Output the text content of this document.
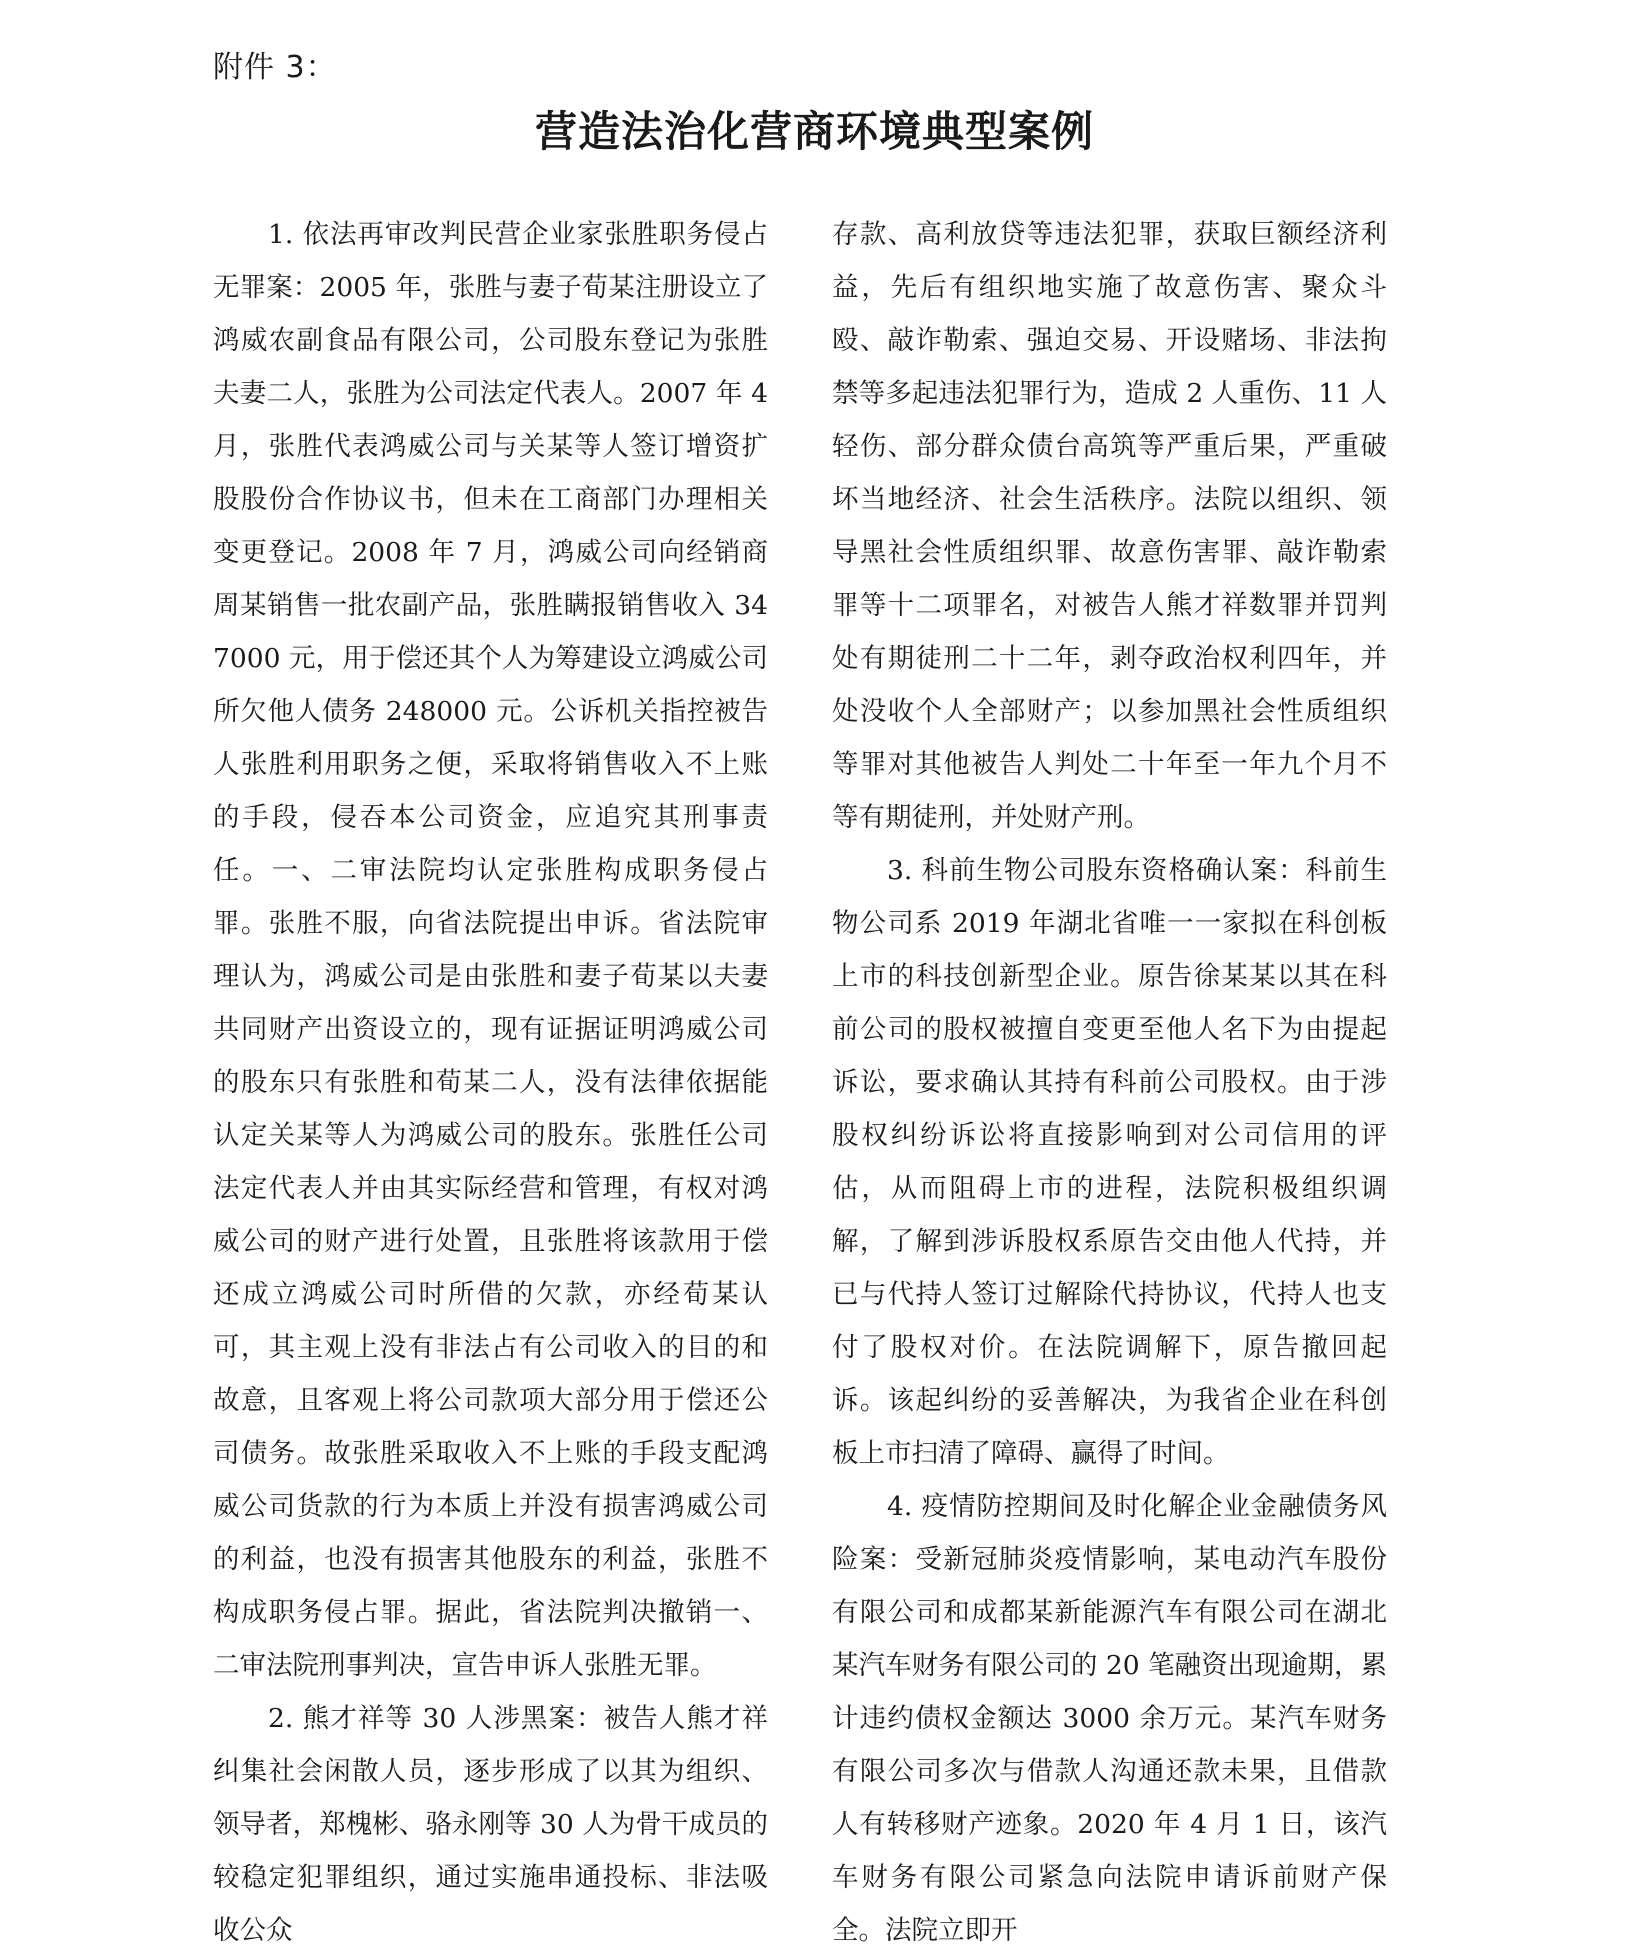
附件 3：
营造法治化营商环境典型案例

1. 依法再审改判民营企业家张胜职务侵占无罪案：2005 年，张胜与妻子荀某注册设立了鸿威农副食品有限公司，公司股东登记为张胜夫妻二人，张胜为公司法定代表人。2007 年 4 月，张胜代表鸿威公司与关某等人签订增资扩股股份合作协议书，但未在工商部门办理相关变更登记。2008 年 7 月，鸿威公司向经销商周某销售一批农副产品，张胜瞒报销售收入 347000 元，用于偿还其个人为筹建设立鸿威公司所欠他人债务 248000 元。公诉机关指控被告人张胜利用职务之便，采取将销售收入不上账的手段，侵吞本公司资金，应追究其刑事责任。一、二审法院均认定张胜构成职务侵占罪。张胜不服，向省法院提出申诉。省法院审理认为，鸿威公司是由张胜和妻子荀某以夫妻共同财产出资设立的，现有证据证明鸿威公司的股东只有张胜和荀某二人，没有法律依据能认定关某等人为鸿威公司的股东。张胜任公司法定代表人并由其实际经营和管理，有权对鸿威公司的财产进行处置，且张胜将该款用于偿还成立鸿威公司时所借的欠款，亦经荀某认可，其主观上没有非法占有公司收入的目的和故意，且客观上将公司款项大部分用于偿还公司债务。故张胜采取收入不上账的手段支配鸿威公司货款的行为本质上并没有损害鸿威公司的利益，也没有损害其他股东的利益，张胜不构成职务侵占罪。据此，省法院判决撤销一、二审法院刑事判决，宣告申诉人张胜无罪。

2. 熊才祥等 30 人涉黑案：被告人熊才祥纠集社会闲散人员，逐步形成了以其为组织、领导者，郑槐彬、骆永刚等 30 人为骨干成员的较稳定犯罪组织，通过实施串通投标、非法吸收公众

存款、高利放贷等违法犯罪，获取巨额经济利益，先后有组织地实施了故意伤害、聚众斗殴、敲诈勒索、强迫交易、开设赌场、非法拘禁等多起违法犯罪行为，造成 2 人重伤、11 人轻伤、部分群众债台高筑等严重后果，严重破坏当地经济、社会生活秩序。法院以组织、领导黑社会性质组织罪、故意伤害罪、敲诈勒索罪等十二项罪名，对被告人熊才祥数罪并罚判处有期徒刑二十二年，剥夺政治权利四年，并处没收个人全部财产；以参加黑社会性质组织等罪对其他被告人判处二十年至一年九个月不等有期徒刑，并处财产刑。

3. 科前生物公司股东资格确认案：科前生物公司系 2019 年湖北省唯一一家拟在科创板上市的科技创新型企业。原告徐某某以其在科前公司的股权被擅自变更至他人名下为由提起诉讼，要求确认其持有科前公司股权。由于涉股权纠纷诉讼将直接影响到对公司信用的评估，从而阻碍上市的进程，法院积极组织调解，了解到涉诉股权系原告交由他人代持，并已与代持人签订过解除代持协议，代持人也支付了股权对价。在法院调解下，原告撤回起诉。该起纠纷的妥善解决，为我省企业在科创板上市扫清了障碍、赢得了时间。

4. 疫情防控期间及时化解企业金融债务风险案：受新冠肺炎疫情影响，某电动汽车股份有限公司和成都某新能源汽车有限公司在湖北某汽车财务有限公司的 20 笔融资出现逾期，累计违约债权金额达 3000 余万元。某汽车财务有限公司多次与借款人沟通还款未果，且借款人有转移财产迹象。2020 年 4 月 1 日，该汽车财务有限公司紧急向法院申请诉前财产保全。法院立即开
